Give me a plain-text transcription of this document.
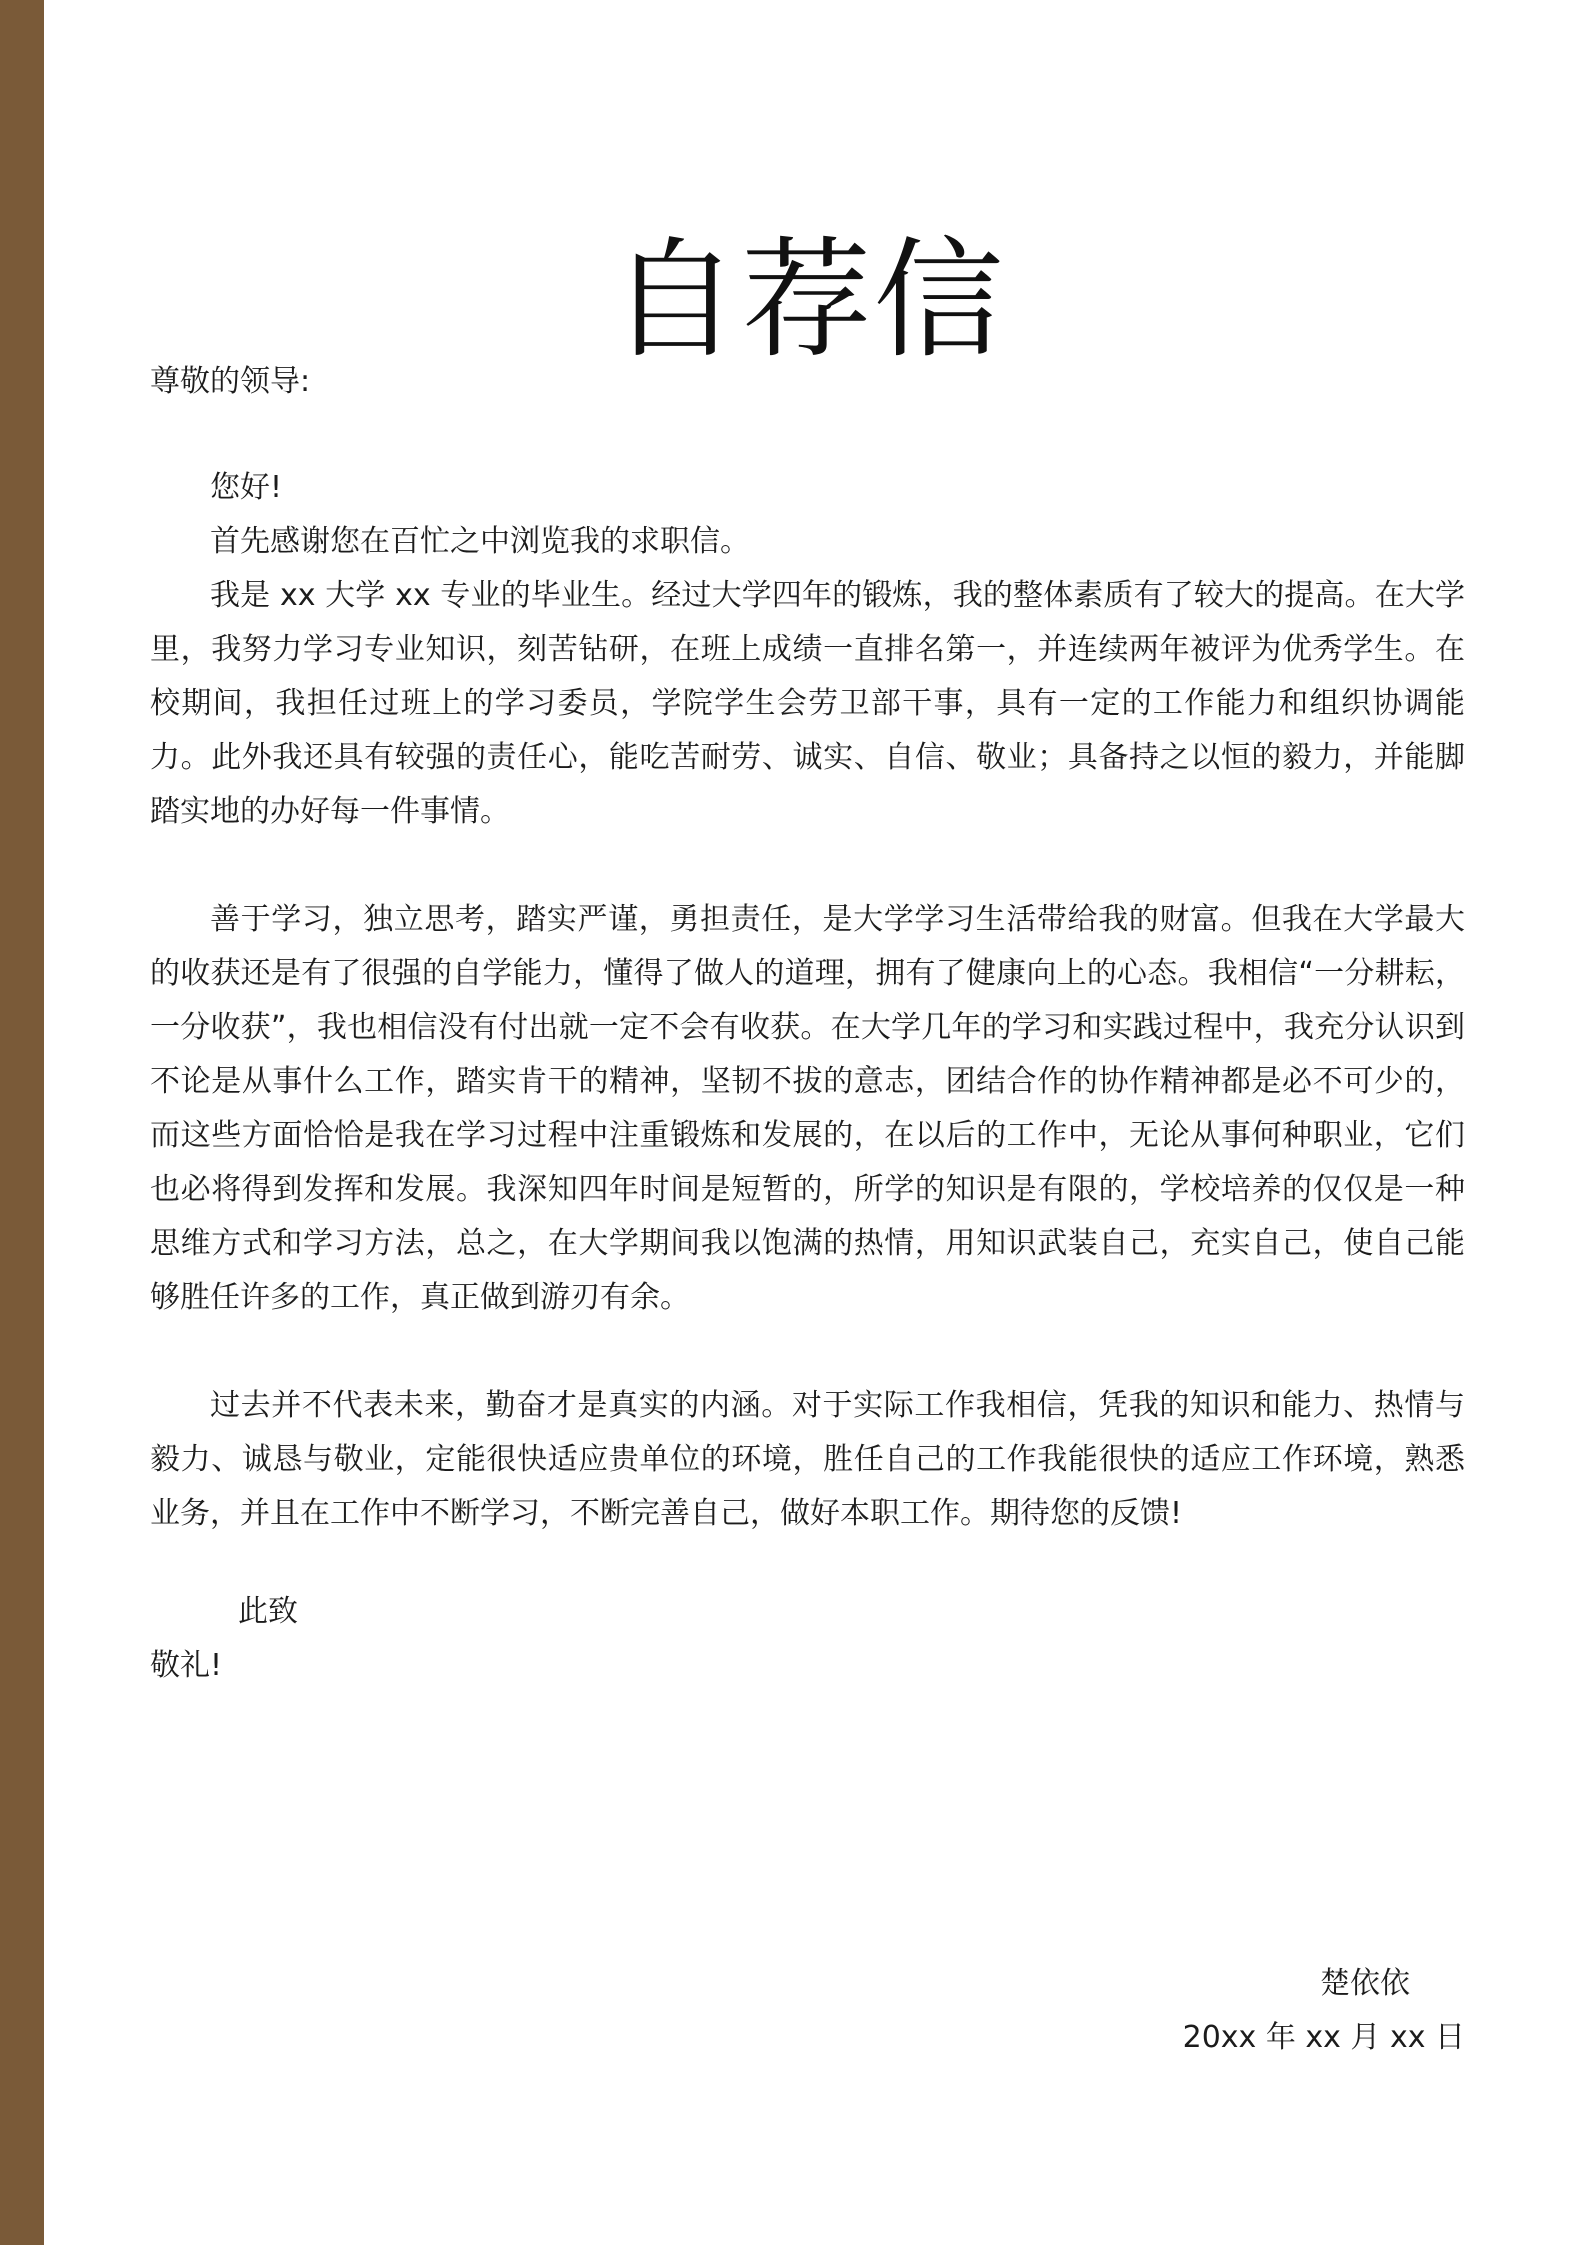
自荐信
尊敬的领导:

您好!

首先感谢您在百忙之中浏览我的求职信。

我是 xx 大学 xx 专业的毕业生。经过大学四年的锻炼，我的整体素质有了较大的提高。在大学里，我努力学习专业知识，刻苦钻研，在班上成绩一直排名第一，并连续两年被评为优秀学生。在校期间，我担任过班上的学习委员，学院学生会劳卫部干事，具有一定的工作能力和组织协调能力。此外我还具有较强的责任心，能吃苦耐劳、诚实、自信、敬业；具备持之以恒的毅力，并能脚踏实地的办好每一件事情。

善于学习，独立思考，踏实严谨，勇担责任，是大学学习生活带给我的财富。但我在大学最大的收获还是有了很强的自学能力，懂得了做人的道理，拥有了健康向上的心态。我相信“一分耕耘，一分收获”，我也相信没有付出就一定不会有收获。在大学几年的学习和实践过程中，我充分认识到不论是从事什么工作，踏实肯干的精神，坚韧不拔的意志，团结合作的协作精神都是必不可少的，而这些方面恰恰是我在学习过程中注重锻炼和发展的，在以后的工作中，无论从事何种职业，它们也必将得到发挥和发展。我深知四年时间是短暂的，所学的知识是有限的，学校培养的仅仅是一种思维方式和学习方法，总之，在大学期间我以饱满的热情，用知识武装自己，充实自己，使自己能够胜任许多的工作，真正做到游刃有余。

过去并不代表未来，勤奋才是真实的内涵。对于实际工作我相信，凭我的知识和能力、热情与毅力、诚恳与敬业，定能很快适应贵单位的环境，胜任自己的工作我能很快的适应工作环境，熟悉业务，并且在工作中不断学习，不断完善自己，做好本职工作。期待您的反馈!

此致
敬礼!
楚依依
20xx 年 xx 月 xx 日
